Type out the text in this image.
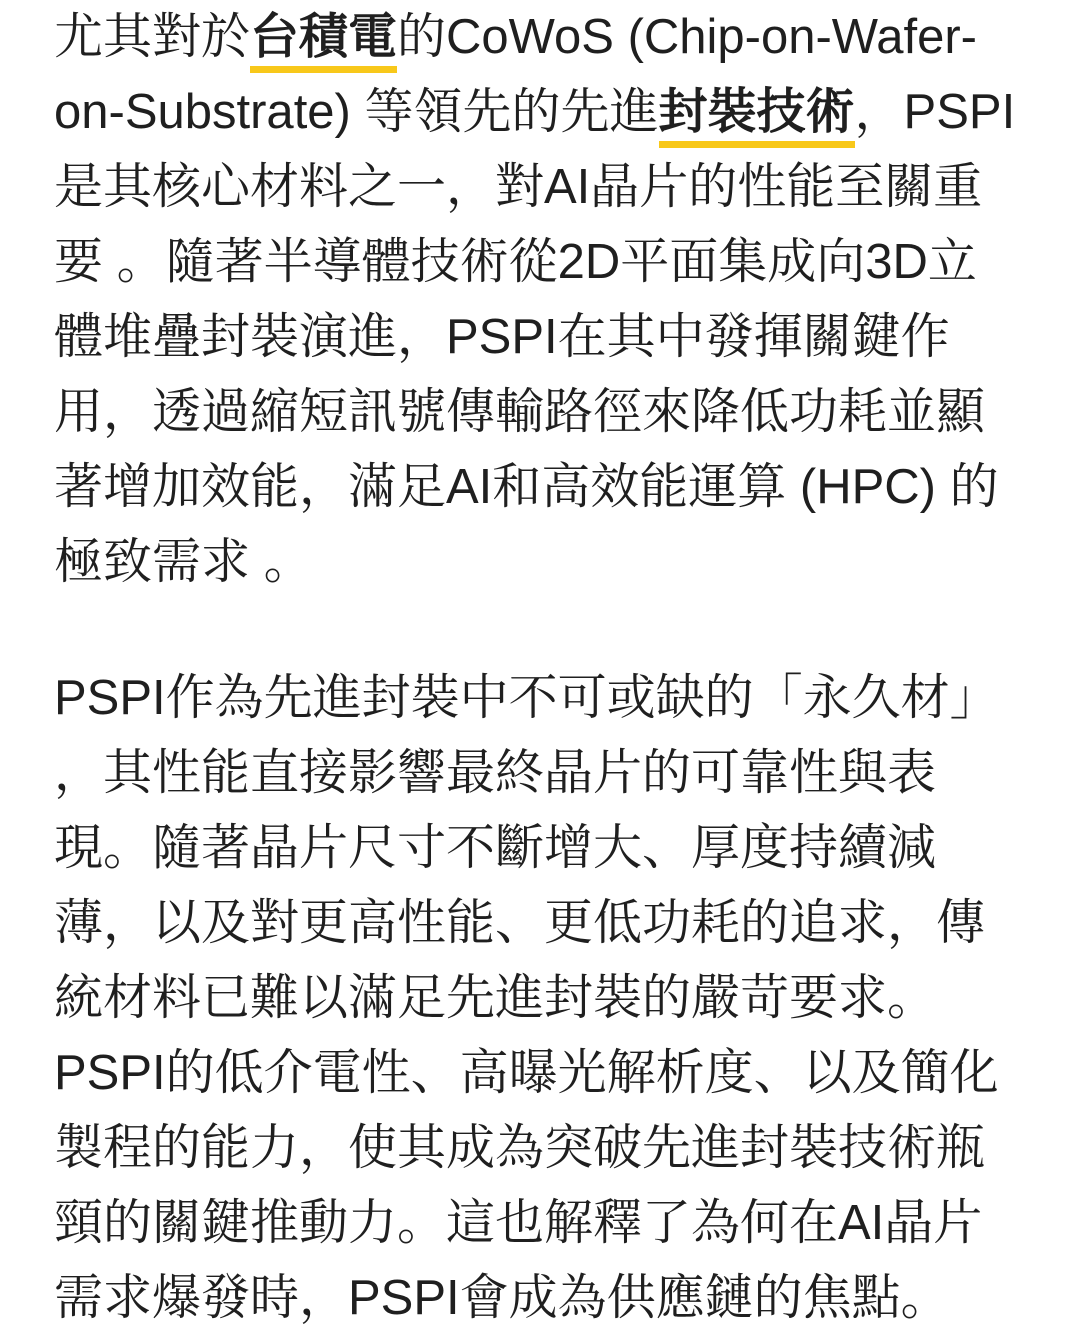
尤其對於台積電的CoWoS (Chip-on-Wafer-
on-Substrate) 等領先的先進封裝技術，PSPI
是其核心材料之一，對AI晶片的性能至關重
要 。隨著半導體技術從2D平面集成向3D立
體堆疊封裝演進，PSPI在其中發揮關鍵作
用，透過縮短訊號傳輸路徑來降低功耗並顯
著增加效能，滿足AI和高效能運算 (HPC) 的
極致需求 。
PSPI作為先進封裝中不可或缺的「永久材」
，其性能直接影響最終晶片的可靠性與表
現。隨著晶片尺寸不斷增大、厚度持續減
薄，以及對更高性能、更低功耗的追求，傳
統材料已難以滿足先進封裝的嚴苛要求。
PSPI的低介電性、高曝光解析度、以及簡化
製程的能力，使其成為突破先進封裝技術瓶
頸的關鍵推動力。這也解釋了為何在AI晶片
需求爆發時，PSPI會成為供應鏈的焦點。
